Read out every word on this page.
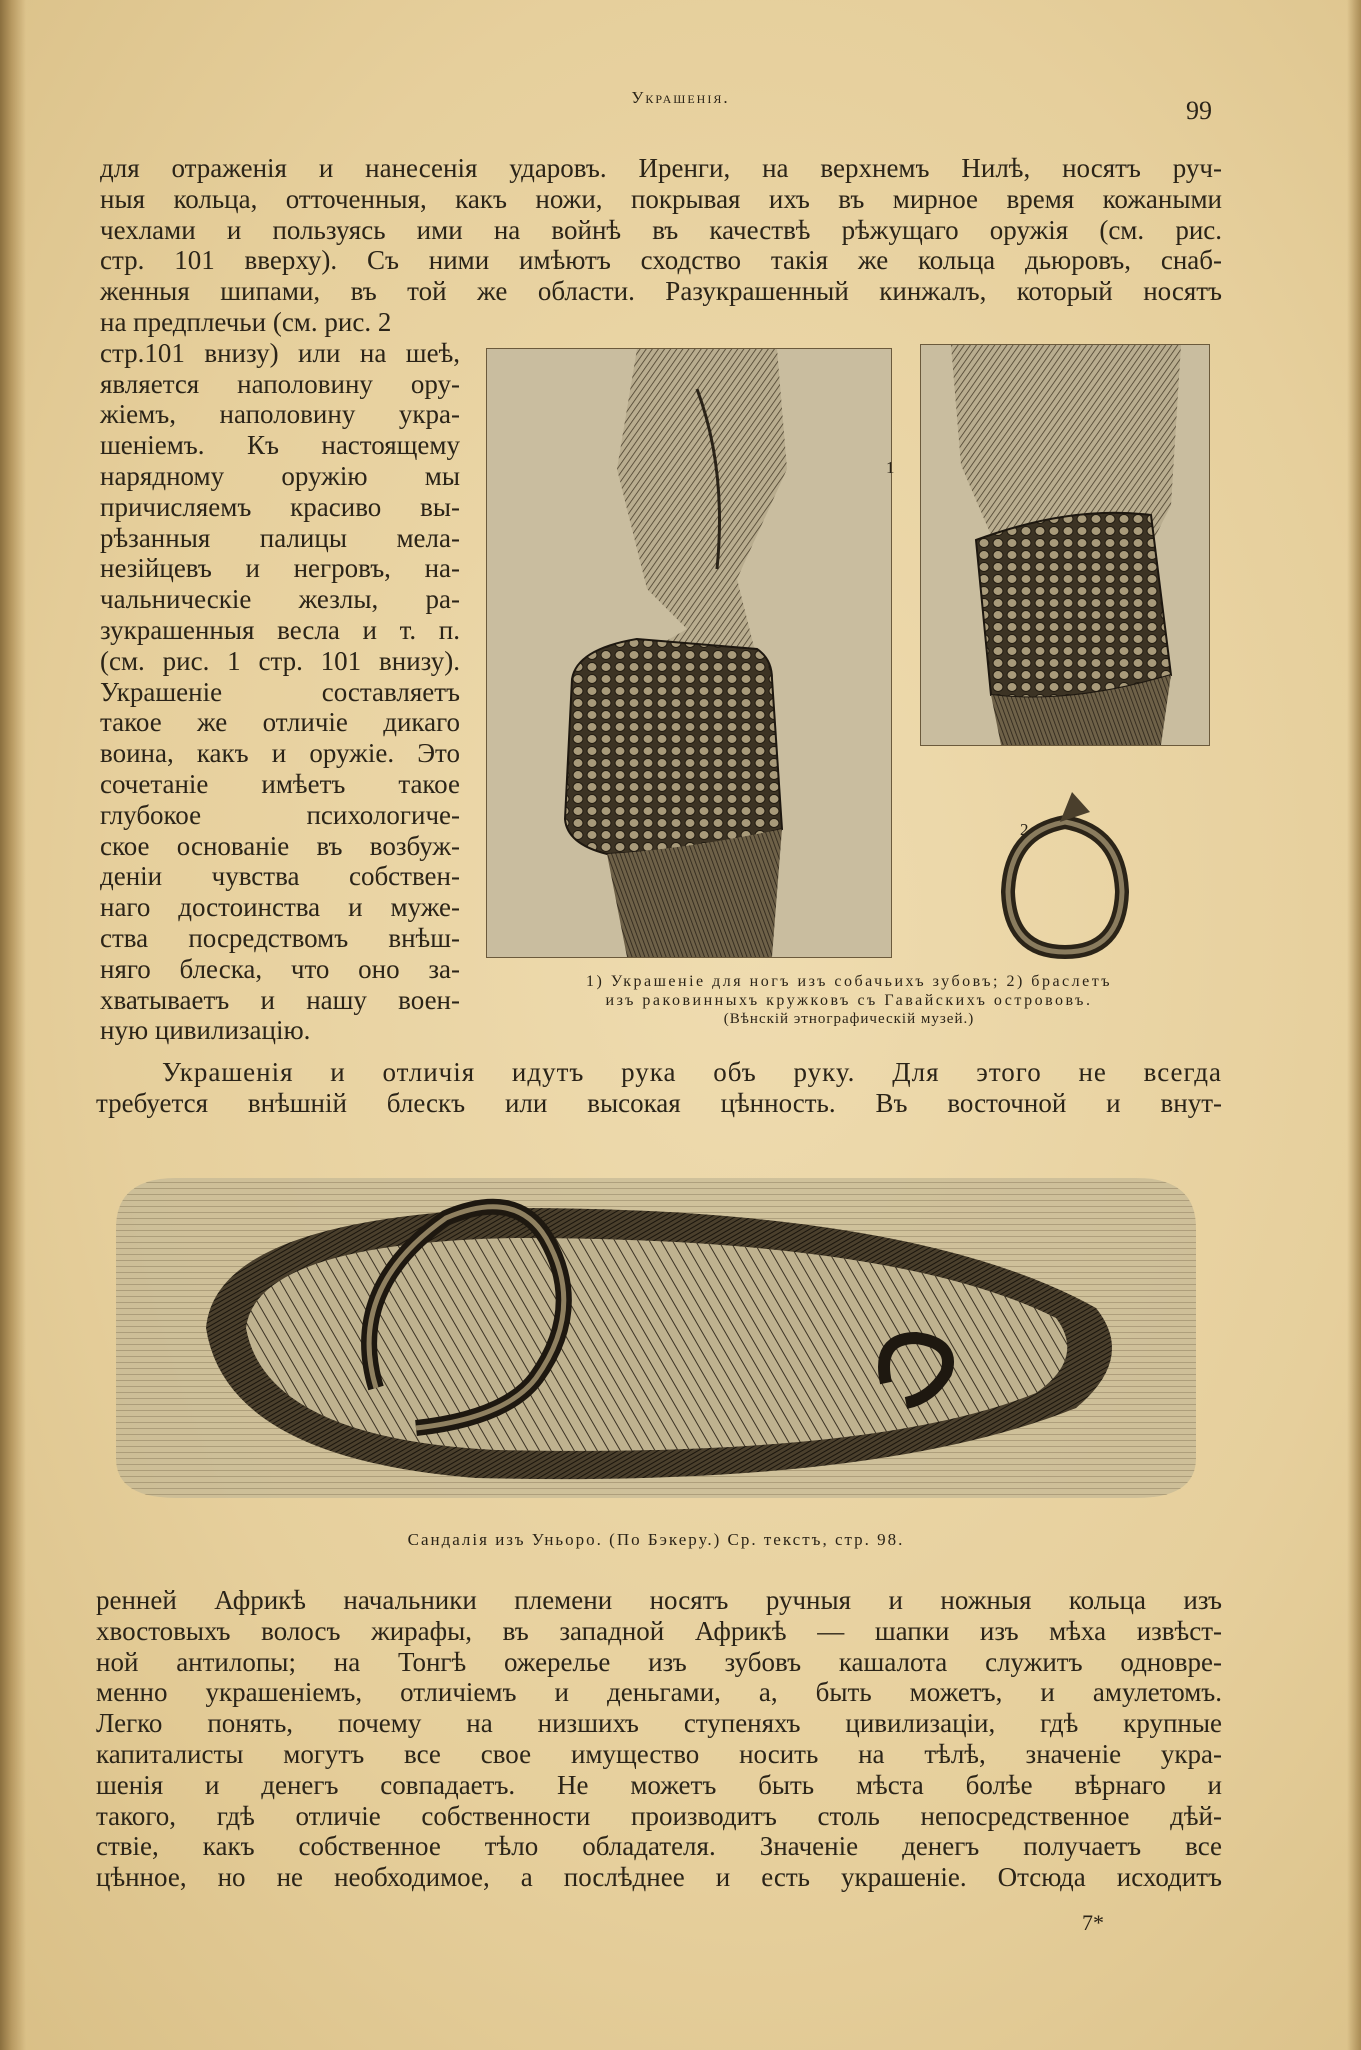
Украшенія.	99
для отраженія и нанесенія ударовъ. Иренги, на верхнемъ Нилѣ, носятъ руч-
ныя кольца, отточенныя, какъ ножи, покрывая ихъ въ мирное время кожаными
чехлами и пользуясь ими на войнѣ въ качествѣ рѣжущаго оружія (см. рис.
стр. 101 вверху). Съ ними имѣютъ сходство такія же кольца дьюровъ, снаб-
женныя шипами, въ той же области. Разукрашенный кинжалъ, который носятъ
на предплечьи (см. рис. 2
стр.101 внизу) или на шеѣ,
является наполовину ору-
жіемъ, наполовину укра-
шеніемъ. Къ настоящему
нарядному оружію мы
причисляемъ красиво вы-
рѣзанныя палицы мела-
незійцевъ и негровъ, на-
чальническіе жезлы, ра-
зукрашенныя весла и т. п.
(см. рис. 1 стр. 101 внизу).
Украшеніе составляетъ
такое же отличіе дикаго
воина, какъ и оружіе. Это
сочетаніе имѣетъ такое
глубокое психологиче-
ское основаніе въ возбуж-
деніи чувства собствен-
наго достоинства и муже-
ства посредствомъ внѣш-
няго блеска, что оно за-
хватываетъ и нашу воен-
ную цивилизацію.
1
2
1) Украшеніе для ногъ изъ собачьихъ зубовъ; 2) браслетъ
изъ раковинныхъ кружковъ съ Гавайскихъ острововъ.
(Вѣнскій этнографическій музей.)
Украшенія и отличія идутъ рука объ руку. Для этого не всегда
требуется внѣшній блескъ или высокая цѣнность. Въ восточной и внут-
Сандалія изъ Уньоро. (По Бэкеру.) Ср. текстъ, стр. 98.
ренней Африкѣ начальники племени носятъ ручныя и ножныя кольца изъ
хвостовыхъ волосъ жирафы, въ западной Африкѣ — шапки изъ мѣха извѣст-
ной антилопы; на Тонгѣ ожерелье изъ зубовъ кашалота служитъ одновре-
менно украшеніемъ, отличіемъ и деньгами, а, быть можетъ, и амулетомъ.
Легко понять, почему на низшихъ ступеняхъ цивилизаціи, гдѣ крупные
капиталисты могутъ все свое имущество носить на тѣлѣ, значеніе укра-
шенія и денегъ совпадаетъ. Не можетъ быть мѣста болѣе вѣрнаго и
такого, гдѣ отличіе собственности производитъ столь непосредственное дѣй-
ствіе, какъ собственное тѣло обладателя. Значеніе денегъ получаетъ все
цѣнное, но не необходимое, а послѣднее и есть украшеніе. Отсюда исходитъ
7*
